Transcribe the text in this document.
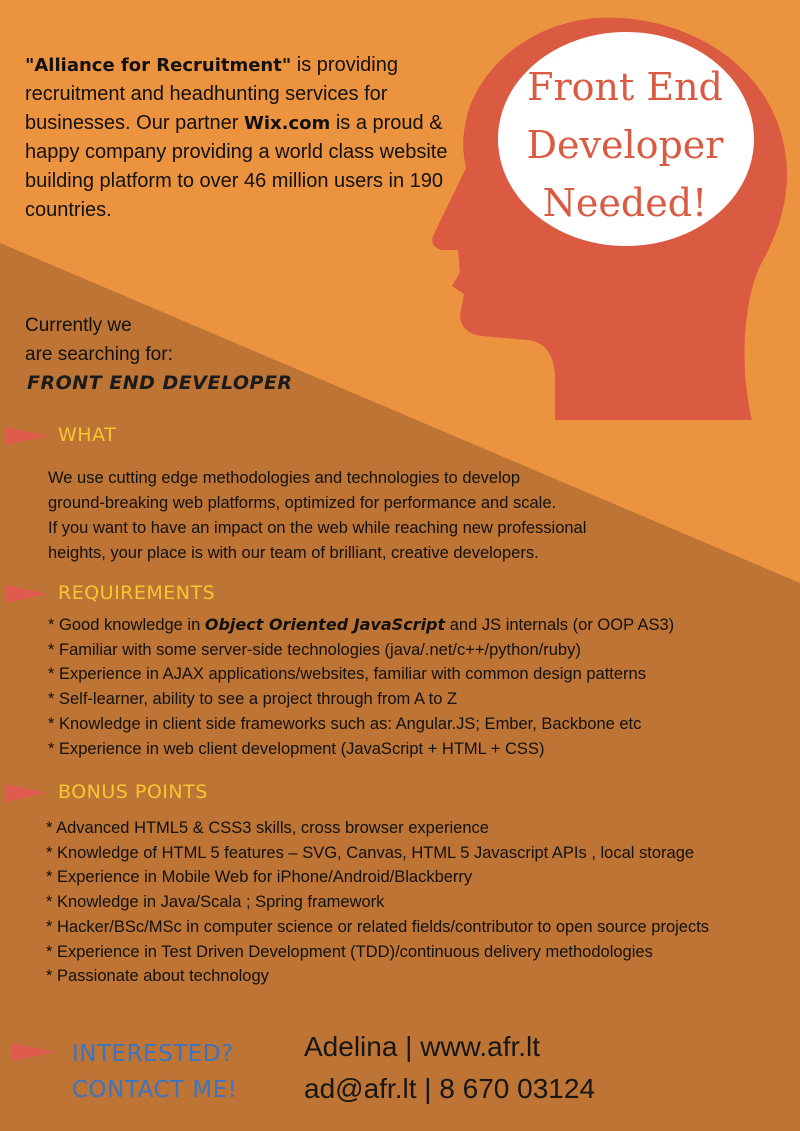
"Alliance for Recruitment" is providing recruitment and headhunting services for businesses. Our partner Wix.com is a proud & happy company providing a world class website building platform to over 46 million users in 190 countries.
Front End
Developer
Needed!
Currently we
are searching for:
FRONT END DEVELOPER
WHAT
We use cutting edge methodologies and technologies to develop
ground-breaking web platforms, optimized for performance and scale.
If you want to have an impact on the web while reaching new professional
heights, your place is with our team of brilliant, creative developers.
REQUIREMENTS
* Good knowledge in Object Oriented JavaScript and JS internals (or OOP AS3)
* Familiar with some server-side technologies (java/.net/c++/python/ruby)
* Experience in AJAX applications/websites, familiar with common design patterns
* Self-learner, ability to see a project through from A to Z
* Knowledge in client side frameworks such as: Angular.JS; Ember, Backbone etc
* Experience in web client development (JavaScript + HTML + CSS)
BONUS POINTS
* Advanced HTML5 & CSS3 skills, cross browser experience
* Knowledge of HTML 5 features – SVG, Canvas, HTML 5 Javascript APIs , local storage
* Experience in Mobile Web for iPhone/Android/Blackberry
* Knowledge in Java/Scala ; Spring framework
* Hacker/BSc/MSc in computer science or related fields/contributor to open source projects
* Experience in Test Driven Development (TDD)/continuous delivery methodologies
* Passionate about technology
INTERESTED?
CONTACT ME!
Adelina | www.afr.lt
ad@afr.lt | 8 670 03124
